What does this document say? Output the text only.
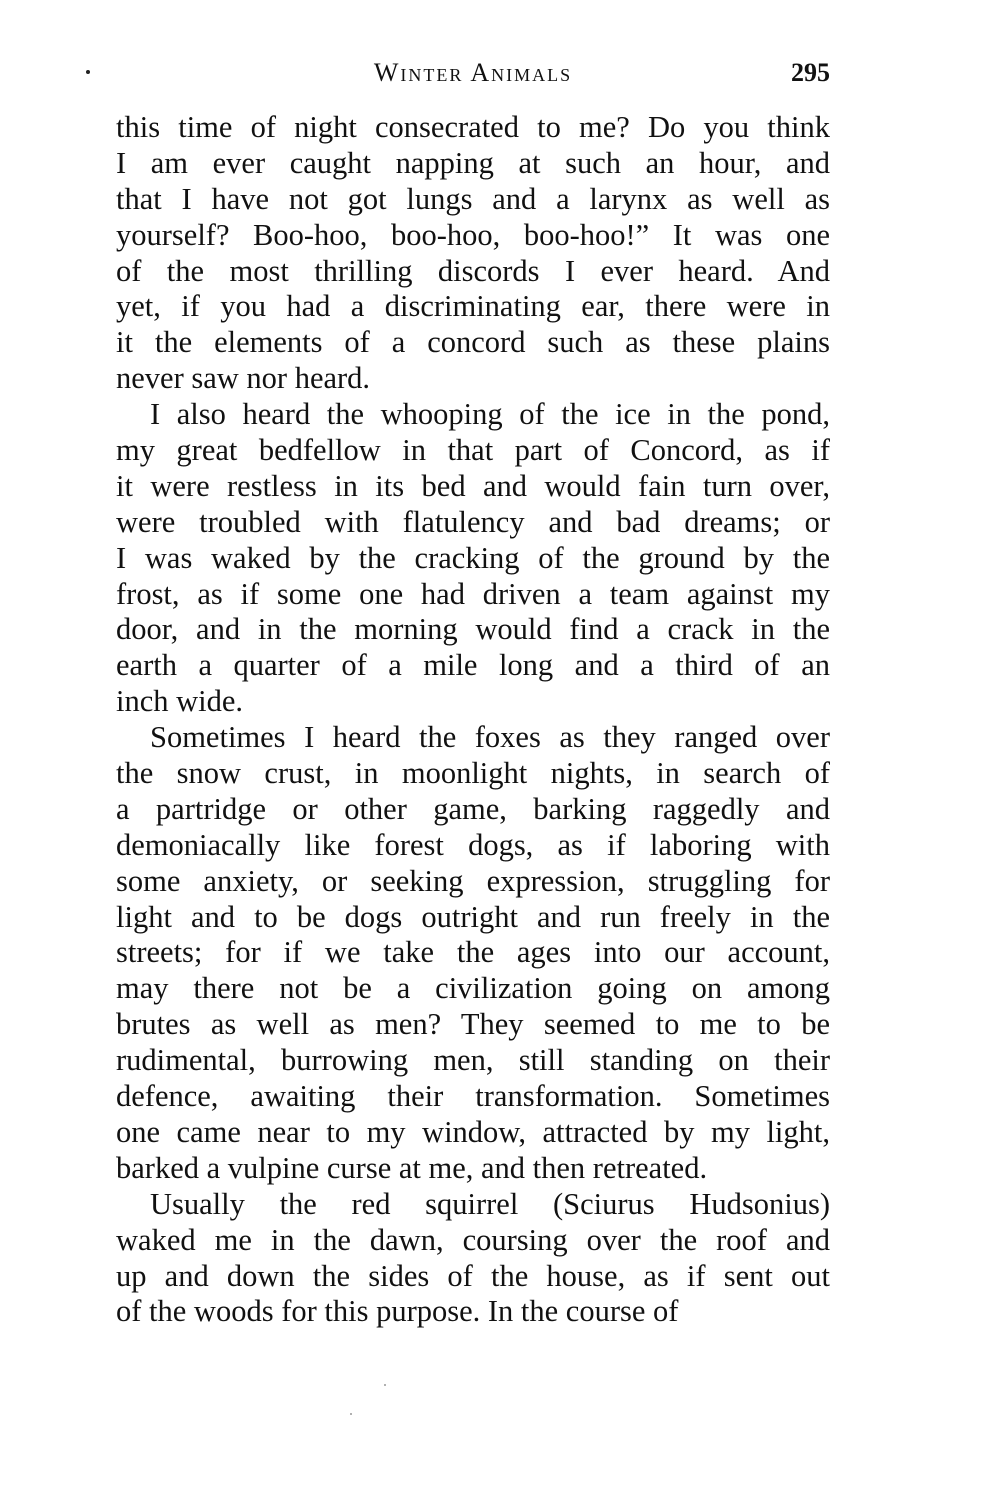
Winter Animals	295
this time of night consecrated to me? Do you think
I am ever caught napping at such an hour, and
that I have not got lungs and a larynx as well as
yourself? Boo-hoo, boo-hoo, boo-hoo!” It was one
of the most thrilling discords I ever heard. And
yet, if you had a discriminating ear, there were in
it the elements of a concord such as these plains
never saw nor heard.
I also heard the whooping of the ice in the pond,
my great bedfellow in that part of Concord, as if
it were restless in its bed and would fain turn over,
were troubled with flatulency and bad dreams; or
I was waked by the cracking of the ground by the
frost, as if some one had driven a team against my
door, and in the morning would find a crack in the
earth a quarter of a mile long and a third of an
inch wide.
Sometimes I heard the foxes as they ranged over
the snow crust, in moonlight nights, in search of
a partridge or other game, barking raggedly and
demoniacally like forest dogs, as if laboring with
some anxiety, or seeking expression, struggling for
light and to be dogs outright and run freely in the
streets; for if we take the ages into our account,
may there not be a civilization going on among
brutes as well as men? They seemed to me to be
rudimental, burrowing men, still standing on their
defence, awaiting their transformation. Sometimes
one came near to my window, attracted by my light,
barked a vulpine curse at me, and then retreated.
Usually the red squirrel (Sciurus Hudsonius)
waked me in the dawn, coursing over the roof and
up and down the sides of the house, as if sent out
of the woods for this purpose. In the course of
